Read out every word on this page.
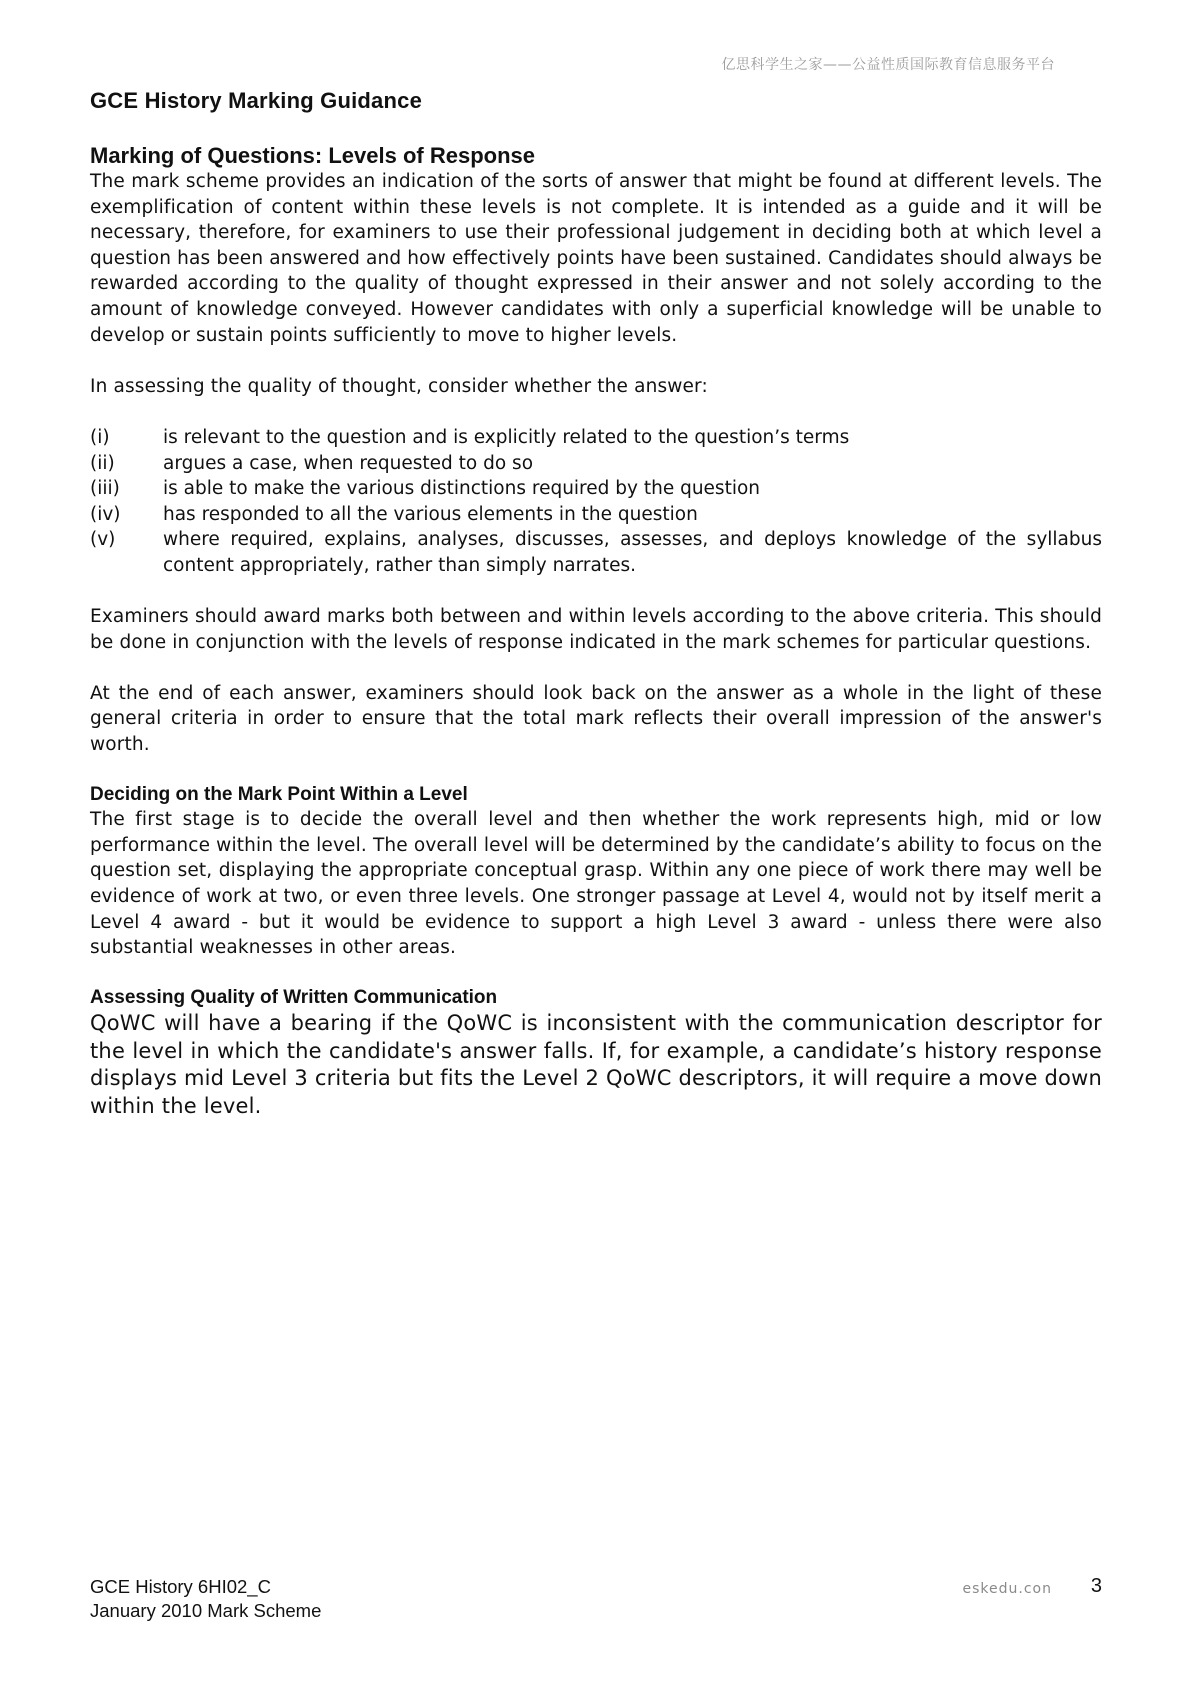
亿思科学生之家——公益性质国际教育信息服务平台
GCE History Marking Guidance
Marking of Questions: Levels of Response

The mark scheme provides an indication of the sorts of answer that might be found at different levels. The exemplification of content within these levels is not complete. It is intended as a guide and it will be necessary, therefore, for examiners to use their professional judgement in deciding both at which level a question has been answered and how effectively points have been sustained. Candidates should always be rewarded according to the quality of thought expressed in their answer and not solely according to the amount of knowledge conveyed. However candidates with only a superficial knowledge will be unable to develop or sustain points sufficiently to move to higher levels.

In assessing the quality of thought, consider whether the answer:

(i)	is relevant to the question and is explicitly related to the question’s terms
(ii)	argues a case, when requested to do so
(iii)	is able to make the various distinctions required by the question
(iv)	has responded to all the various elements in the question
(v)	where required, explains, analyses, discusses, assesses, and deploys knowledge of the syllabus content appropriately, rather than simply narrates.

Examiners should award marks both between and within levels according to the above criteria. This should be done in conjunction with the levels of response indicated in the mark schemes for particular questions.

At the end of each answer, examiners should look back on the answer as a whole in the light of these general criteria in order to ensure that the total mark reflects their overall impression of the answer's worth.

Deciding on the Mark Point Within a Level

The first stage is to decide the overall level and then whether the work represents high, mid or low performance within the level. The overall level will be determined by the candidate’s ability to focus on the question set, displaying the appropriate conceptual grasp. Within any one piece of work there may well be evidence of work at two, or even three levels. One stronger passage at Level 4, would not by itself merit a Level 4 award - but it would be evidence to support a high Level 3 award - unless there were also substantial weaknesses in other areas.

Assessing Quality of Written Communication

QoWC will have a bearing if the QoWC is inconsistent with the communication descriptor for the level in which the candidate's answer falls. If, for example, a candidate’s history response displays mid Level 3 criteria but fits the Level 2 QoWC descriptors, it will require a move down within the level.

GCE History 6HI02_C
January 2010 Mark Scheme
eskedu.con 3
